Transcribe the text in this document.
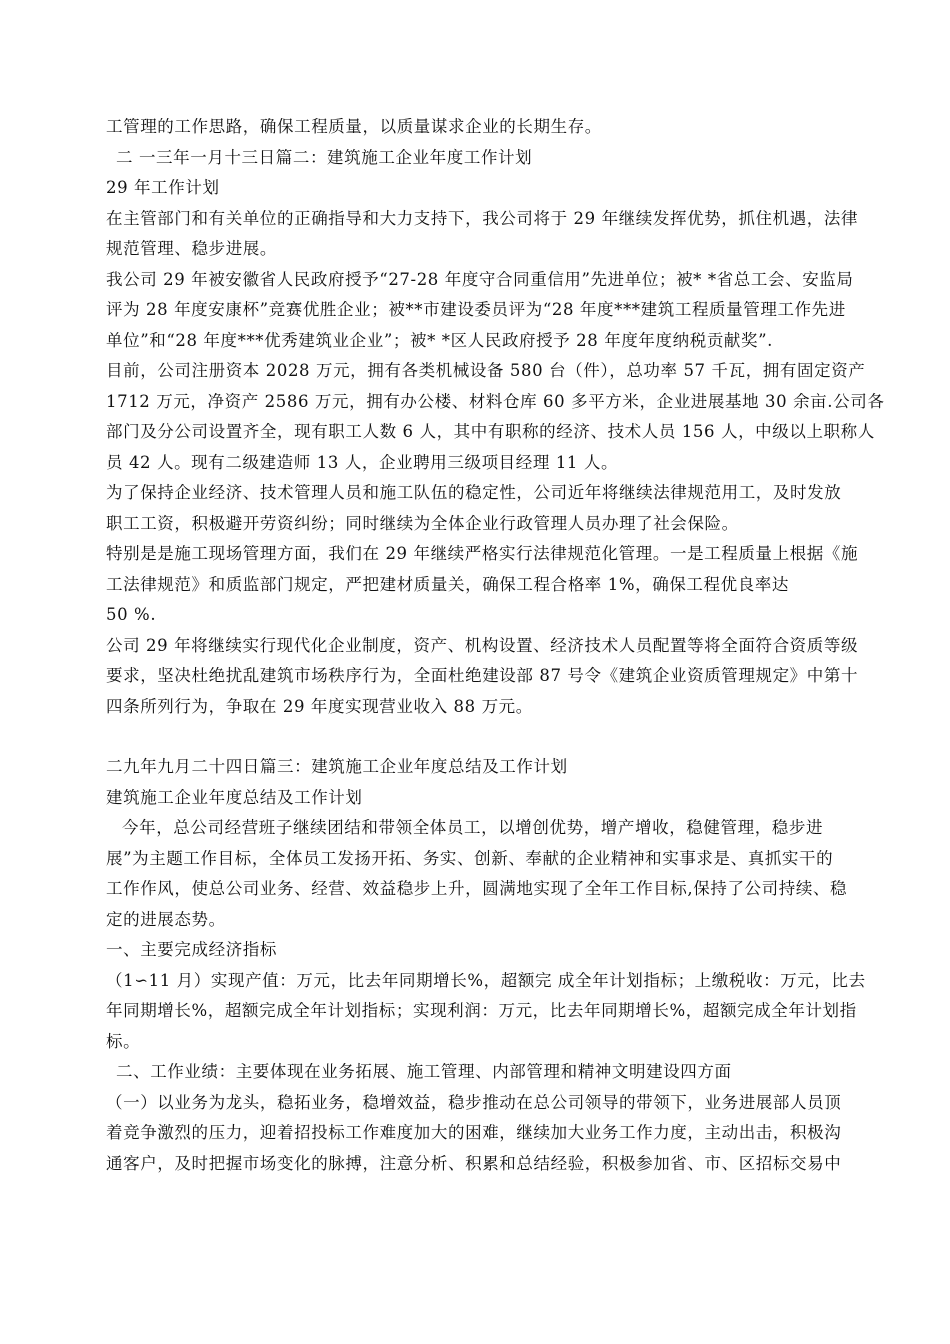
工管理的工作思路，确保工程质量，以质量谋求企业的长期生存。

二 一三年一月十三日篇二：建筑施工企业年度工作计划

29 年工作计划

在主管部门和有关单位的正确指导和大力支持下，我公司将于 29 年继续发挥优势，抓住机遇，法律
规范管理、稳步进展。

我公司 29 年被安徽省人民政府授予“27-28 年度守合同重信用”先进单位；被* *省总工会、安监局
评为 28 年度安康杯”竞赛优胜企业；被**市建设委员评为“28 年度***建筑工程质量管理工作先进
单位”和“28 年度***优秀建筑业企业”；被* *区人民政府授予 28 年度年度纳税贡献奖”.

目前，公司注册资本 2028 万元，拥有各类机械设备 580 台（件），总功率 57 千瓦，拥有固定资产
1712 万元，净资产 2586 万元，拥有办公楼、材料仓库 60 多平方米，企业进展基地 30 余亩.公司各
部门及分公司设置齐全，现有职工人数 6 人，其中有职称的经济、技术人员 156 人，中级以上职称人
员 42 人。现有二级建造师 13 人，企业聘用三级项目经理 11 人。

为了保持企业经济、技术管理人员和施工队伍的稳定性，公司近年将继续法律规范用工，及时发放
职工工资，积极避开劳资纠纷；同时继续为全体企业行政管理人员办理了社会保险。

特别是是施工现场管理方面，我们在 29 年继续严格实行法律规范化管理。一是工程质量上根据《施
工法律规范》和质监部门规定，严把建材质量关，确保工程合格率 1%，确保工程优良率达
50 %.

公司 29 年将继续实行现代化企业制度，资产、机构设置、经济技术人员配置等将全面符合资质等级
要求，坚决杜绝扰乱建筑市场秩序行为，全面杜绝建设部 87 号令《建筑企业资质管理规定》中第十
四条所列行为，争取在 29 年度实现营业收入 88 万元。

二九年九月二十四日篇三：建筑施工企业年度总结及工作计划

建筑施工企业年度总结及工作计划

今年，总公司经营班子继续团结和带领全体员工，以增创优势，增产增收，稳健管理，稳步进
展”为主题工作目标，全体员工发扬开拓、务实、创新、奉献的企业精神和实事求是、真抓实干的
工作作风，使总公司业务、经营、效益稳步上升，圆满地实现了全年工作目标,保持了公司持续、稳
定的进展态势。

一、主要完成经济指标

（1∽11 月）实现产值：万元，比去年同期增长%，超额完 成全年计划指标；上缴税收：万元，比去
年同期增长%，超额完成全年计划指标；实现利润：万元，比去年同期增长%，超额完成全年计划指
标。

二、工作业绩：主要体现在业务拓展、施工管理、内部管理和精神文明建设四方面

（一）以业务为龙头，稳拓业务，稳增效益，稳步推动在总公司领导的带领下，业务进展部人员顶
着竞争激烈的压力，迎着招投标工作难度加大的困难，继续加大业务工作力度，主动出击，积极沟
通客户，及时把握市场变化的脉搏，注意分析、积累和总结经验，积极参加省、市、区招标交易中
